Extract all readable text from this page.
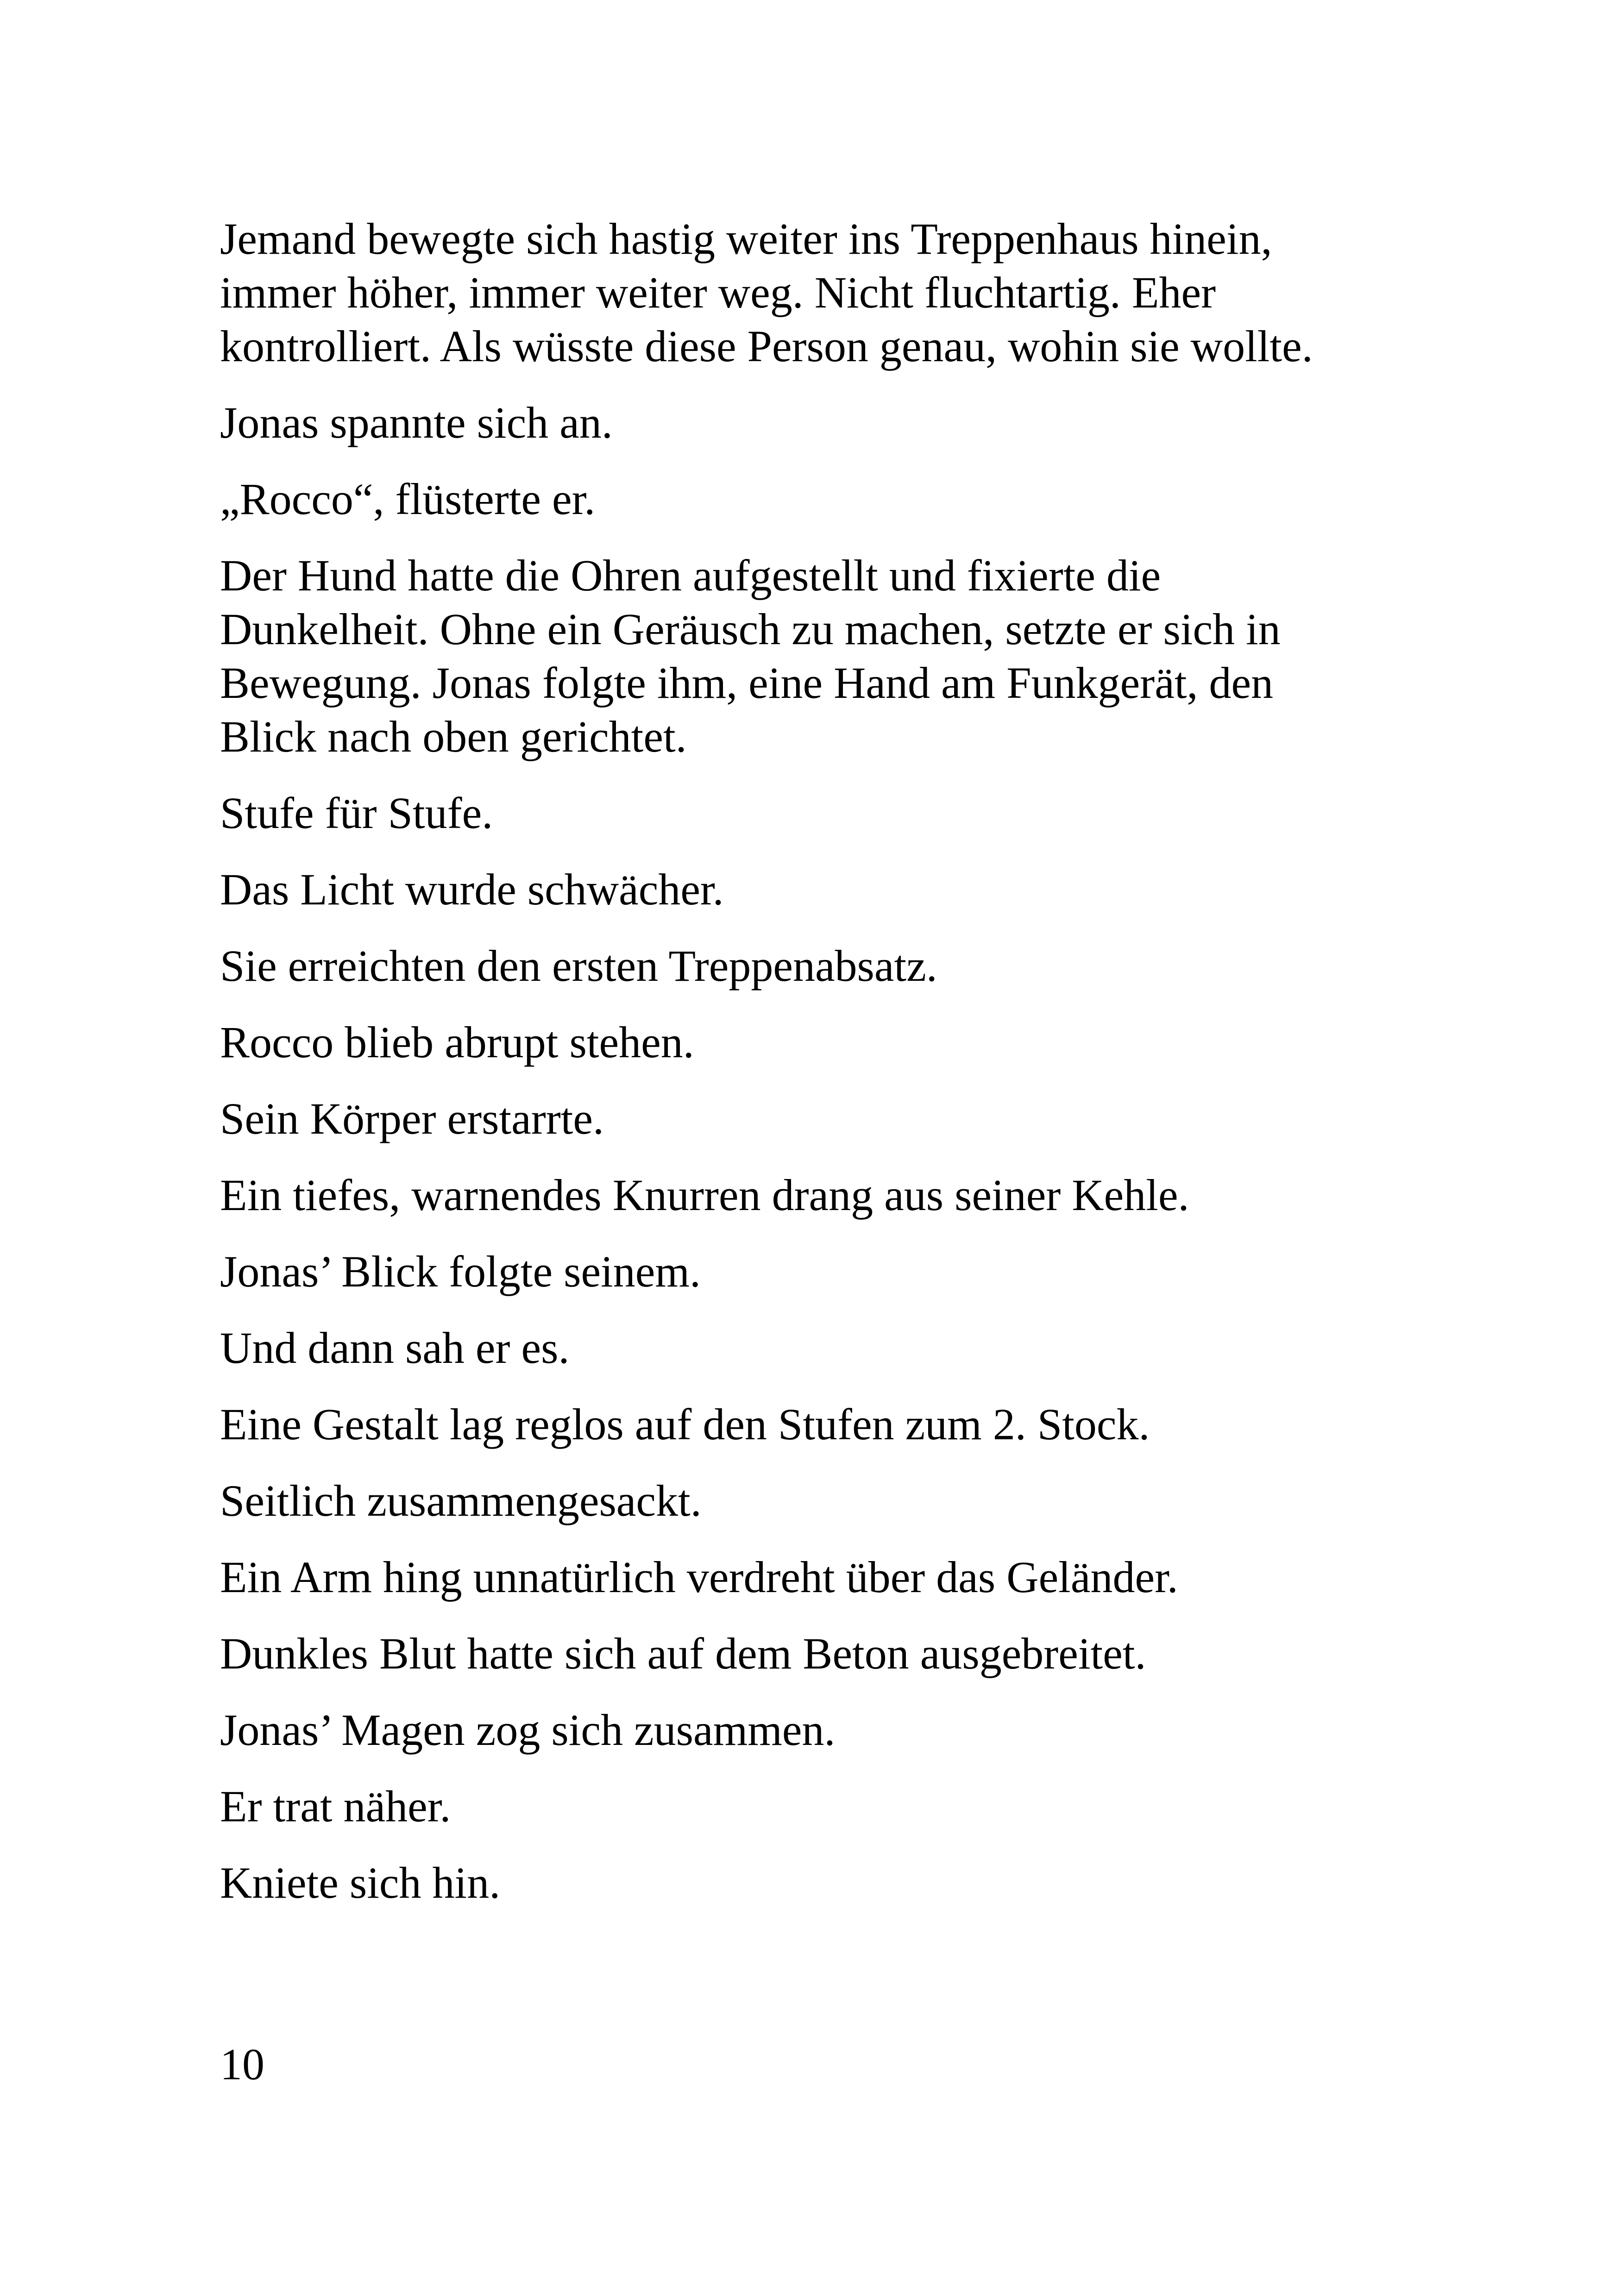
Jemand bewegte sich hastig weiter ins Treppenhaus hinein,
immer höher, immer weiter weg. Nicht fluchtartig. Eher
kontrolliert. Als wüsste diese Person genau, wohin sie wollte.

Jonas spannte sich an.

„Rocco“, flüsterte er.

Der Hund hatte die Ohren aufgestellt und fixierte die
Dunkelheit. Ohne ein Geräusch zu machen, setzte er sich in
Bewegung. Jonas folgte ihm, eine Hand am Funkgerät, den
Blick nach oben gerichtet.

Stufe für Stufe.

Das Licht wurde schwächer.

Sie erreichten den ersten Treppenabsatz.

Rocco blieb abrupt stehen.

Sein Körper erstarrte.

Ein tiefes, warnendes Knurren drang aus seiner Kehle.

Jonas’ Blick folgte seinem.

Und dann sah er es.

Eine Gestalt lag reglos auf den Stufen zum 2. Stock.

Seitlich zusammengesackt.

Ein Arm hing unnatürlich verdreht über das Geländer.

Dunkles Blut hatte sich auf dem Beton ausgebreitet.

Jonas’ Magen zog sich zusammen.

Er trat näher.

Kniete sich hin.

10
